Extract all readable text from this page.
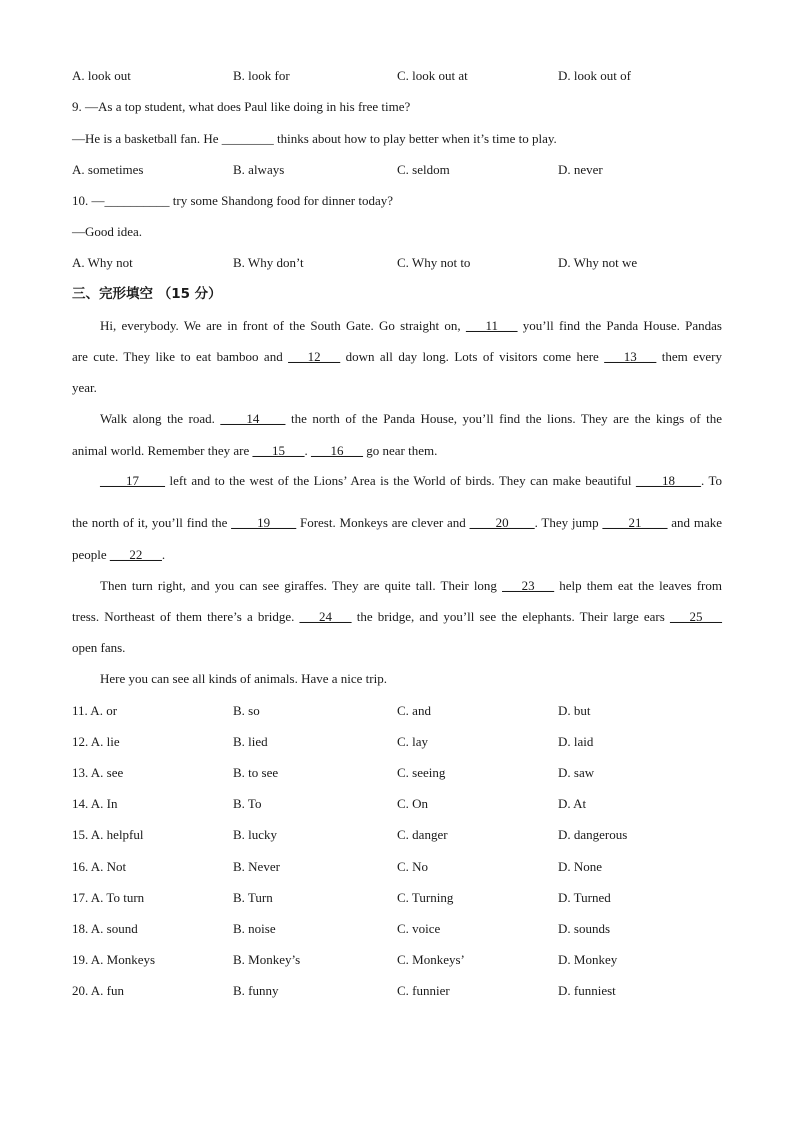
A. look out	B. look for	C. look out at	D. look out of
9. —As a top student, what does Paul like doing in his free time?
—He is a basketball fan. He ________ thinks about how to play better when it’s time to play.
A. sometimes	B. always	C. seldom	D. never
10. —__________ try some Shandong food for dinner today?
—Good idea.
A. Why not	B. Why don’t	C. Why not to	D. Why not we
三、完形填空 （15 分）
Hi, everybody. We are in front of the South Gate. Go straight on, ___11___ you’ll find the Panda House. Pandas
are cute. They like to eat bamboo and ___12___ down all day long. Lots of visitors come here ___13___ them every
year.
Walk along the road. ____14____ the north of the Panda House, you’ll find the lions. They are the kings of the
animal world. Remember they are ___15___. ___16___ go near them.
____17____ left and to the west of the Lions’ Area is the World of birds. They can make beautiful ____18____. To
the north of it, you’ll find the ____19____ Forest. Monkeys are clever and ____20____. They jump ____21____ and make
people ___22___.
Then turn right, and you can see giraffes. They are quite tall. Their long ___23___ help them eat the leaves from
tress. Northeast of them there’s a bridge. ___24___ the bridge, and you’ll see the elephants. Their large ears ___25___
open fans.
Here you can see all kinds of animals. Have a nice trip.
11. A. or	B. so	C. and	D. but
12. A. lie	B. lied	C. lay	D. laid
13. A. see	B. to see	C. seeing	D. saw
14. A. In	B. To	C. On	D. At
15. A. helpful	B. lucky	C. danger	D. dangerous
16. A. Not	B. Never	C. No	D. None
17. A. To turn	B. Turn	C. Turning	D. Turned
18. A. sound	B. noise	C. voice	D. sounds
19. A. Monkeys	B. Monkey’s	C. Monkeys’	D. Monkey
20. A. fun	B. funny	C. funnier	D. funniest
